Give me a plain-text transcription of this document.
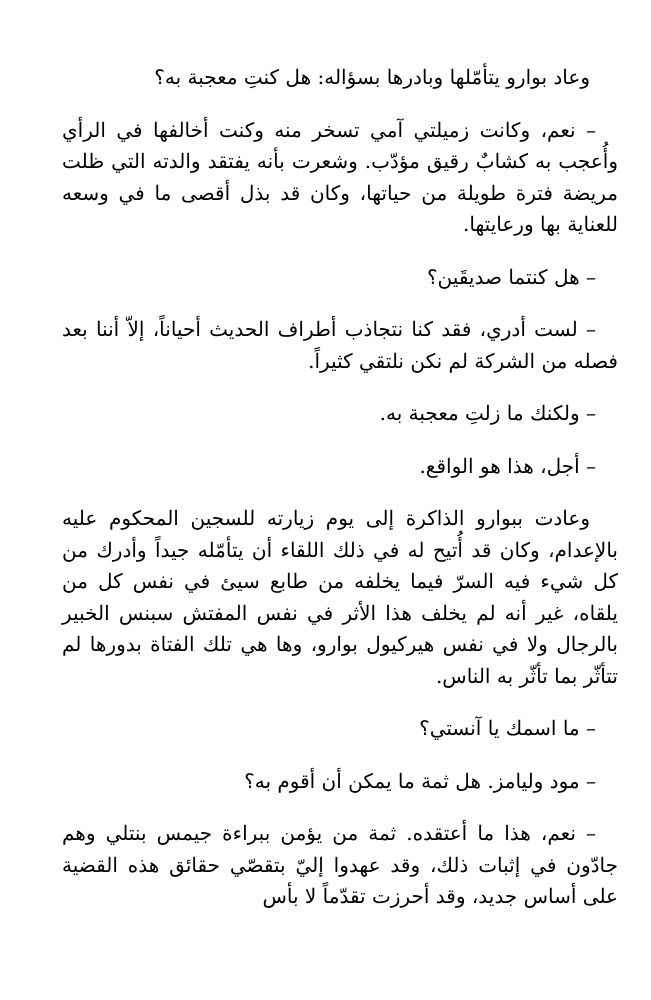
وعاد بوارو يتأمّلها وبادرها بسؤاله: هل كنتِ معجبة به؟

– نعم، وكانت زميلتي آمي تسخر منه وكنت أخالفها في الرأي وأُعجب به كشابٌ رقيق مؤدّب. وشعرت بأنه يفتقد والدته التي ظلت مريضة فترة طويلة من حياتها، وكان قد بذل أقصى ما في وسعه للعناية بها ورعايتها.

– هل كنتما صديقَين؟

– لست أدري، فقد كنا نتجاذب أطراف الحديث أحياناً، إلاّ أننا بعد فصله من الشركة لم نكن نلتقي كثيراً.

– ولكنك ما زلتِ معجبة به.

– أجل، هذا هو الواقع.

وعادت ببوارو الذاكرة إلى يوم زيارته للسجين المحكوم عليه بالإعدام، وكان قد أُتيح له في ذلك اللقاء أن يتأمّله جيداً وأدرك من كل شيء فيه السرّ فيما يخلفه من طابع سيئ في نفس كل من يلقاه، غير أنه لم يخلف هذا الأثر في نفس المفتش سبنس الخبير بالرجال ولا في نفس هيركيول بوارو، وها هي تلك الفتاة بدورها لم تتأثّر بما تأثّر به الناس.

– ما اسمك يا آنستي؟

– مود وليامز. هل ثمة ما يمكن أن أقوم به؟

– نعم، هذا ما أعتقده. ثمة من يؤمن ببراءة جيمس بنتلي وهم جادّون في إثبات ذلك، وقد عهدوا إليّ بتقصّي حقائق هذه القضية على أساس جديد، وقد أحرزت تقدّماً لا بأس
